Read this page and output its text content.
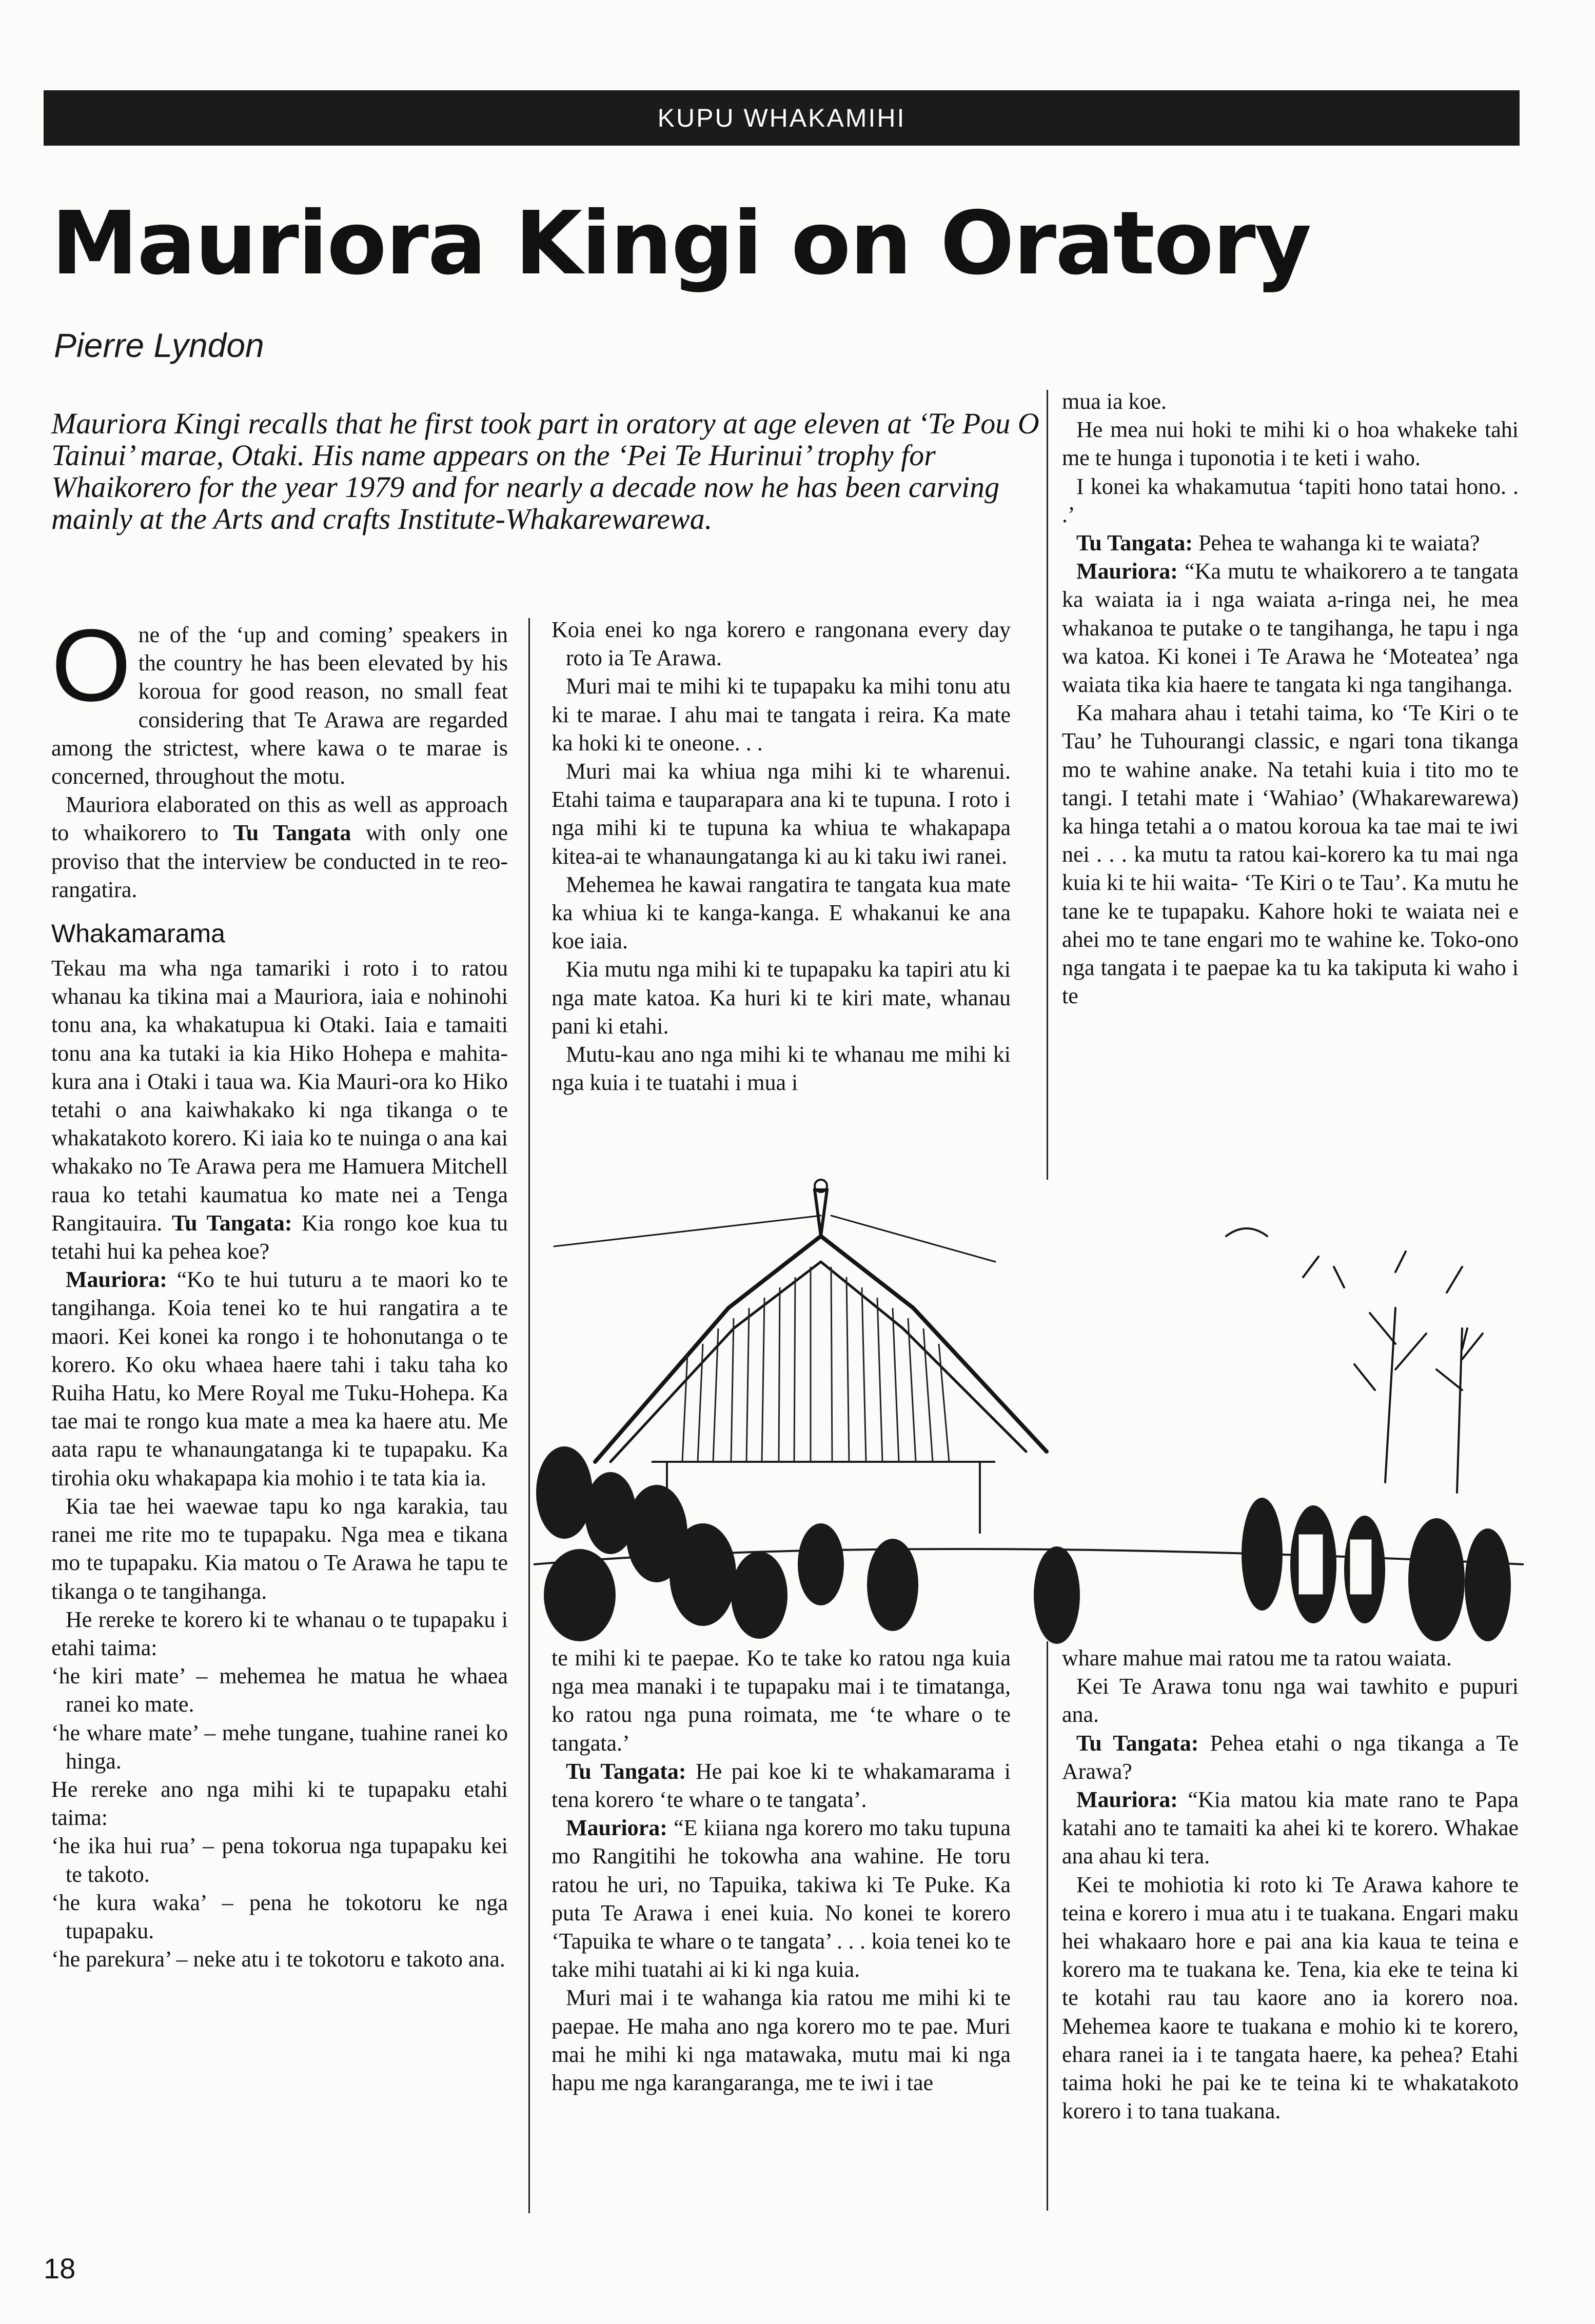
KUPU WHAKAMIHI
Mauriora Kingi on Oratory
Pierre Lyndon
Mauriora Kingi recalls that he first took part in oratory at age eleven at ‘Te Pou O Tainui’ marae, Otaki. His name appears on the ‘Pei Te Hurinui’ trophy for Whaikorero for the year 1979 and for nearly a decade now he has been carving mainly at the Arts and crafts Institute-Whakarewarewa.

One of the ‘up and coming’ speakers in the country he has been elevated by his koroua for good reason, no small feat considering that Te Arawa are regarded among the strictest, where kawa o te marae is concerned, throughout the motu.

Mauriora elaborated on this as well as approach to whaikorero to Tu Tangata with only one proviso that the interview be conducted in te reo-rangatira.

Whakamarama

Tekau ma wha nga tamariki i roto i to ratou whanau ka tikina mai a Mauriora, iaia e nohinohi tonu ana, ka whakatupua ki Otaki. Iaia e tamaiti tonu ana ka tutaki ia kia Hiko Hohepa e mahita-kura ana i Otaki i taua wa. Kia Mauri-ora ko Hiko tetahi o ana kaiwhakako ki nga tikanga o te whakatakoto korero. Ki iaia ko te nuinga o ana kai whakako no Te Arawa pera me Hamuera Mitchell raua ko tetahi kaumatua ko mate nei a Tenga Rangitauira. Tu Tangata: Kia rongo koe kua tu tetahi hui ka pehea koe?

Mauriora: “Ko te hui tuturu a te maori ko te tangihanga. Koia tenei ko te hui rangatira a te maori. Kei konei ka rongo i te hohonutanga o te korero. Ko oku whaea haere tahi i taku taha ko Ruiha Hatu, ko Mere Royal me Tuku-Hohepa. Ka tae mai te rongo kua mate a mea ka haere atu. Me aata rapu te whanaungatanga ki te tupapaku. Ka tirohia oku whakapapa kia mohio i te tata kia ia.

Kia tae hei waewae tapu ko nga karakia, tau ranei me rite mo te tupapaku. Nga mea e tikana mo te tupapaku. Kia matou o Te Arawa he tapu te tikanga o te tangihanga.

He rereke te korero ki te whanau o te tupapaku i etahi taima:

‘he kiri mate’ – mehemea he matua he whaea ranei ko mate.

‘he whare mate’ – mehe tungane, tuahine ranei ko hinga.

He rereke ano nga mihi ki te tupapaku etahi taima:

‘he ika hui rua’ – pena tokorua nga tupapaku kei te takoto.

‘he kura waka’ – pena he tokotoru ke nga tupapaku.

‘he parekura’ – neke atu i te tokotoru e takoto ana.

Koia enei ko nga korero e rangonana every day roto ia Te Arawa.

Muri mai te mihi ki te tupapaku ka mihi tonu atu ki te marae. I ahu mai te tangata i reira. Ka mate ka hoki ki te oneone. . .

Muri mai ka whiua nga mihi ki te wharenui. Etahi taima e tauparapara ana ki te tupuna. I roto i nga mihi ki te tupuna ka whiua te whakapapa kitea-ai te whanaungatanga ki au ki taku iwi ranei.

Mehemea he kawai rangatira te tangata kua mate ka whiua ki te kanga-kanga. E whakanui ke ana koe iaia.

Kia mutu nga mihi ki te tupapaku ka tapiri atu ki nga mate katoa. Ka huri ki te kiri mate, whanau pani ki etahi.

Mutu-kau ano nga mihi ki te whanau me mihi ki nga kuia i te tuatahi i mua i

mua ia koe.

He mea nui hoki te mihi ki o hoa whakeke tahi me te hunga i tuponotia i te keti i waho.

I konei ka whakamutua ‘tapiti hono tatai hono. . .’

Tu Tangata: Pehea te wahanga ki te waiata?

Mauriora: “Ka mutu te whaikorero a te tangata ka waiata ia i nga waiata a-ringa nei, he mea whakanoa te putake o te tangihanga, he tapu i nga wa katoa. Ki konei i Te Arawa he ‘Moteatea’ nga waiata tika kia haere te tangata ki nga tangihanga.

Ka mahara ahau i tetahi taima, ko ‘Te Kiri o te Tau’ he Tuhourangi classic, e ngari tona tikanga mo te wahine anake. Na tetahi kuia i tito mo te tangi. I tetahi mate i ‘Wahiao’ (Whakarewarewa) ka hinga tetahi a o matou koroua ka tae mai te iwi nei . . . ka mutu ta ratou kai-korero ka tu mai nga kuia ki te hii waita- ‘Te Kiri o te Tau’. Ka mutu he tane ke te tupapaku. Kahore hoki te waiata nei e ahei mo te tane engari mo te wahine ke. Toko-ono nga tangata i te paepae ka tu ka takiputa ki waho i te

te mihi ki te paepae. Ko te take ko ratou nga kuia nga mea manaki i te tupapaku mai i te timatanga, ko ratou nga puna roimata, me ‘te whare o te tangata.’

Tu Tangata: He pai koe ki te whakamarama i tena korero ‘te whare o te tangata’.

Mauriora: “E kiiana nga korero mo taku tupuna mo Rangitihi he tokowha ana wahine. He toru ratou he uri, no Tapuika, takiwa ki Te Puke. Ka puta Te Arawa i enei kuia. No konei te korero ‘Tapuika te whare o te tangata’ . . . koia tenei ko te take mihi tuatahi ai ki ki nga kuia.

Muri mai i te wahanga kia ratou me mihi ki te paepae. He maha ano nga korero mo te pae. Muri mai he mihi ki nga matawaka, mutu mai ki nga hapu me nga karangaranga, me te iwi i tae

whare mahue mai ratou me ta ratou waiata.

Kei Te Arawa tonu nga wai tawhito e pupuri ana.

Tu Tangata: Pehea etahi o nga tikanga a Te Arawa?

Mauriora: “Kia matou kia mate rano te Papa katahi ano te tamaiti ka ahei ki te korero. Whakae ana ahau ki tera.

Kei te mohiotia ki roto ki Te Arawa kahore te teina e korero i mua atu i te tuakana. Engari maku hei whakaaro hore e pai ana kia kaua te teina e korero ma te tuakana ke. Tena, kia eke te teina ki te kotahi rau tau kaore ano ia korero noa. Mehemea kaore te tuakana e mohio ki te korero, ehara ranei ia i te tangata haere, ka pehea? Etahi taima hoki he pai ke te teina ki te whakatakoto korero i to tana tuakana.

18
